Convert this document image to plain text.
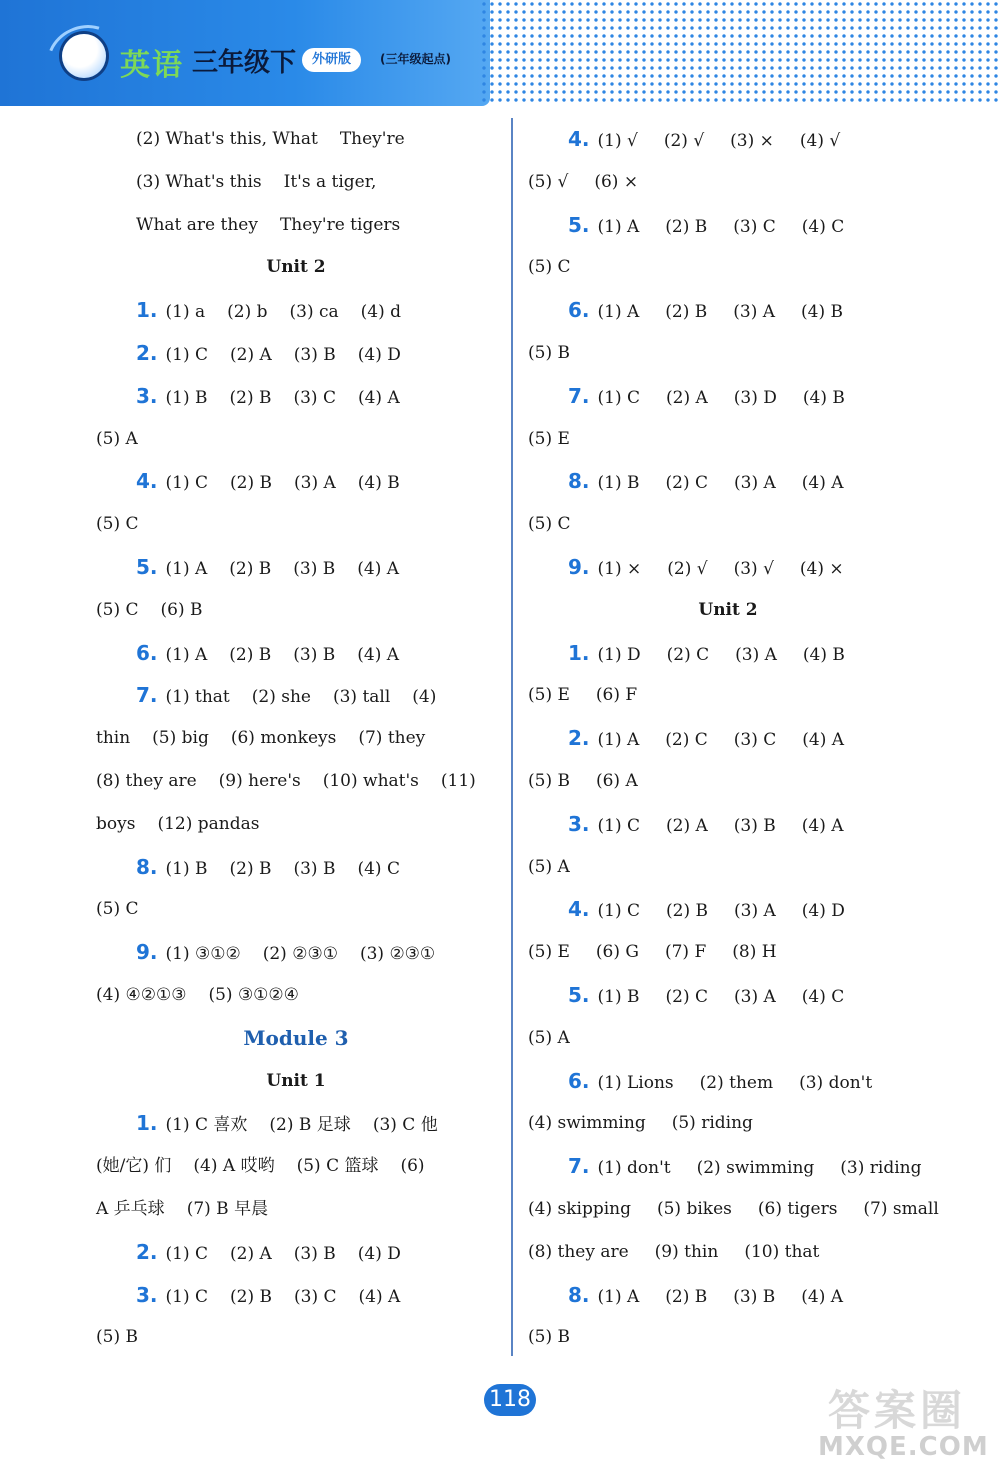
英语 三年级下	外研版	(三年级起点)
(2) What's this, What They're
(3) What's this It's a tiger,
What are they They're tigers
Unit 2
1. (1) a (2) b (3) ca (4) d
2. (1) C (2) A (3) B (4) D
3. (1) B (2) B (3) C (4) A
(5) A
4. (1) C (2) B (3) A (4) B
(5) C
5. (1) A (2) B (3) B (4) A
(5) C (6) B
6. (1) A (2) B (3) B (4) A
7. (1) that (2) she (3) tall (4)
thin (5) big (6) monkeys (7) they
(8) they are (9) here's (10) what's (11)
boys (12) pandas
8. (1) B (2) B (3) B (4) C
(5) C
9. (1) ③①② (2) ②③① (3) ②③①
(4) ④②①③ (5) ③①②④
Module 3
Unit 1
1. (1) C 喜欢 (2) B 足球 (3) C 他
(她/它) 们 (4) A 哎哟 (5) C 篮球 (6)
A 乒乓球 (7) B 早晨
2. (1) C (2) A (3) B (4) D
3. (1) C (2) B (3) C (4) A
(5) B
4. (1) √ (2) √ (3) × (4) √
(5) √ (6) ×
5. (1) A (2) B (3) C (4) C
(5) C
6. (1) A (2) B (3) A (4) B
(5) B
7. (1) C (2) A (3) D (4) B
(5) E
8. (1) B (2) C (3) A (4) A
(5) C
9. (1) × (2) √ (3) √ (4) ×
Unit 2
1. (1) D (2) C (3) A (4) B
(5) E (6) F
2. (1) A (2) C (3) C (4) A
(5) B (6) A
3. (1) C (2) A (3) B (4) A
(5) A
4. (1) C (2) B (3) A (4) D
(5) E (6) G (7) F (8) H
5. (1) B (2) C (3) A (4) C
(5) A
6. (1) Lions (2) them (3) don't
(4) swimming (5) riding
7. (1) don't (2) swimming (3) riding
(4) skipping (5) bikes (6) tigers (7) small
(8) they are (9) thin (10) that
8. (1) A (2) B (3) B (4) A
(5) B
118	答案圈
MXQE.COM
